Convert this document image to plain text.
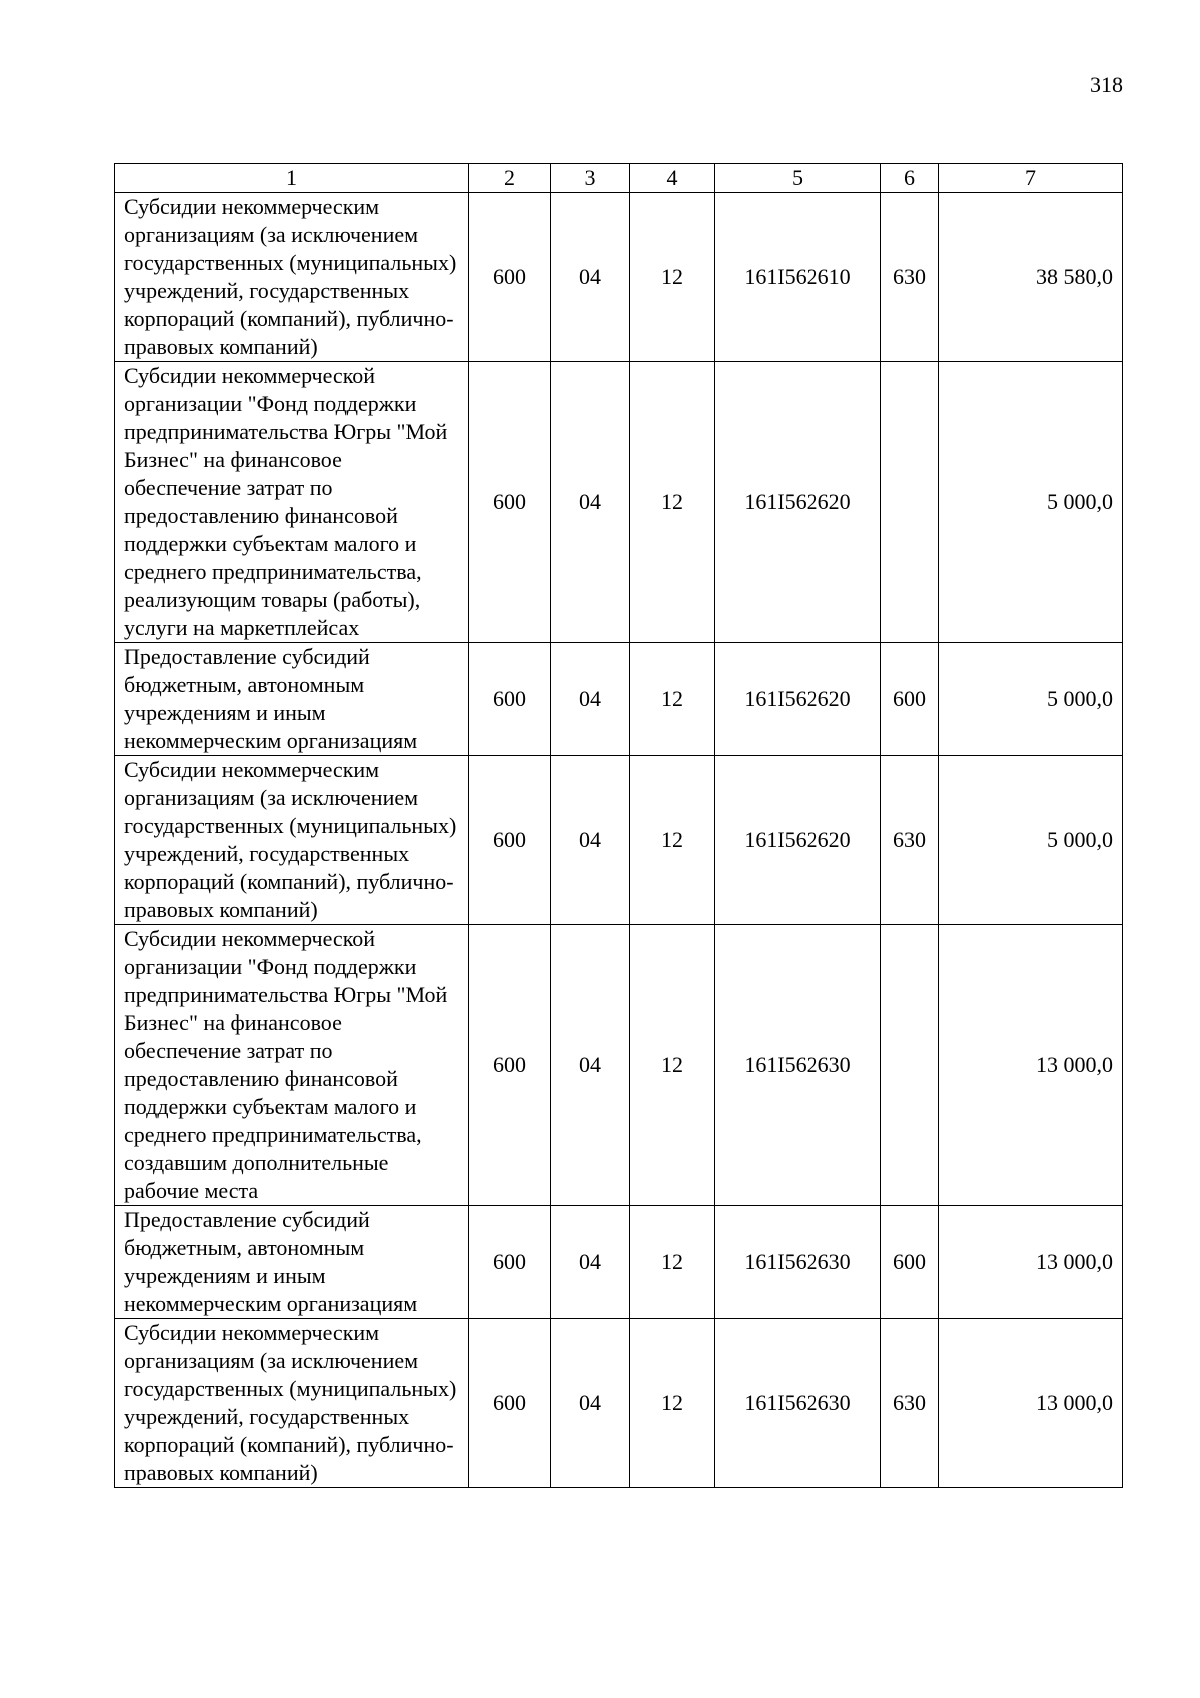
318
1	2	3	4	5	6	7
Субсидии некоммерческим организациям (за исключением государственных (муниципальных) учреждений, государственных корпораций (компаний), публично-правовых компаний)	600	04	12	161I562610	630	38 580,0
Субсидии некоммерческой организации "Фонд поддержки предпринимательства Югры "Мой Бизнес" на финансовое обеспечение затрат по предоставлению финансовой поддержки субъектам малого и среднего предпринимательства, реализующим товары (работы), услуги на маркетплейсах	600	04	12	161I562620		5 000,0
Предоставление субсидий бюджетным, автономным учреждениям и иным некоммерческим организациям	600	04	12	161I562620	600	5 000,0
Субсидии некоммерческим организациям (за исключением государственных (муниципальных) учреждений, государственных корпораций (компаний), публично-правовых компаний)	600	04	12	161I562620	630	5 000,0
Субсидии некоммерческой организации "Фонд поддержки предпринимательства Югры "Мой Бизнес" на финансовое обеспечение затрат по предоставлению финансовой поддержки субъектам малого и среднего предпринимательства, создавшим дополнительные рабочие места	600	04	12	161I562630		13 000,0
Предоставление субсидий бюджетным, автономным учреждениям и иным некоммерческим организациям	600	04	12	161I562630	600	13 000,0
Субсидии некоммерческим организациям (за исключением государственных (муниципальных) учреждений, государственных корпораций (компаний), публично-правовых компаний)	600	04	12	161I562630	630	13 000,0
